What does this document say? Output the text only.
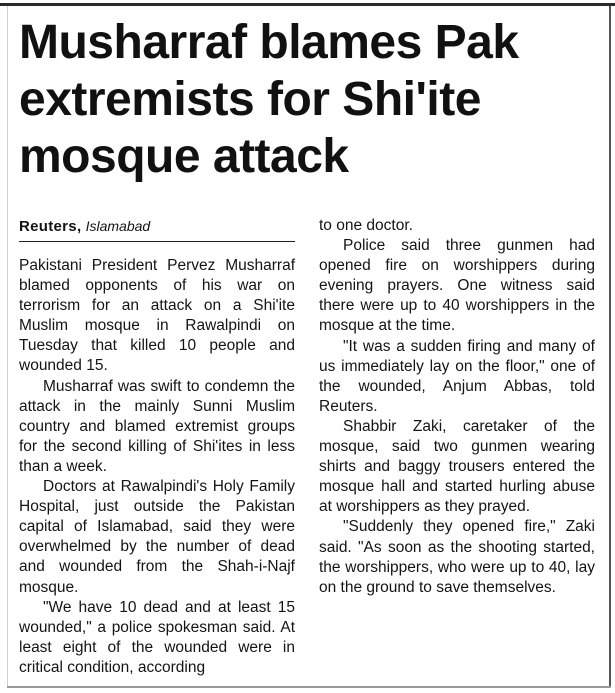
Musharraf blames Pak extremists for Shi'ite mosque attack
Reuters, Islamabad

Pakistani President Pervez Musharraf blamed opponents of his war on terrorism for an attack on a Shi'ite Muslim mosque in Rawalpindi on Tuesday that killed 10 people and wounded 15.

Musharraf was swift to condemn the attack in the mainly Sunni Muslim country and blamed extremist groups for the second killing of Shi'ites in less than a week.

Doctors at Rawalpindi's Holy Family Hospital, just outside the Pakistan capital of Islamabad, said they were overwhelmed by the number of dead and wounded from the Shah-i-Najf mosque.

"We have 10 dead and at least 15 wounded," a police spokesman said. At least eight of the wounded were in critical condition, according

to one doctor.

Police said three gunmen had opened fire on worshippers during evening prayers. One witness said there were up to 40 worshippers in the mosque at the time.

"It was a sudden firing and many of us immediately lay on the floor," one of the wounded, Anjum Abbas, told Reuters.

Shabbir Zaki, caretaker of the mosque, said two gunmen wearing shirts and baggy trousers entered the mosque hall and started hurling abuse at worshippers as they prayed.

"Suddenly they opened fire," Zaki said. "As soon as the shooting started, the worshippers, who were up to 40, lay on the ground to save themselves.
